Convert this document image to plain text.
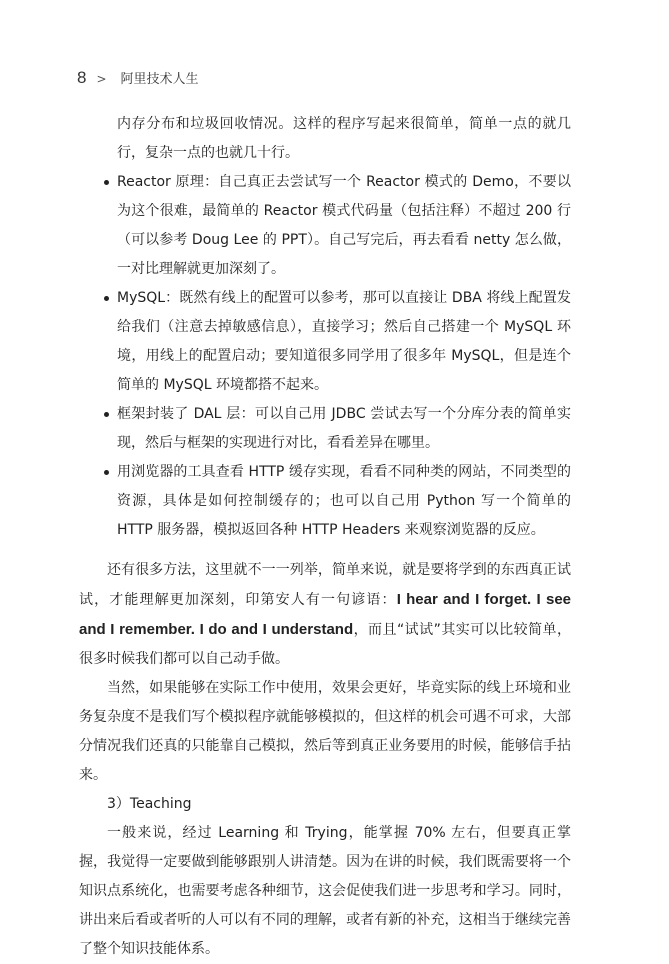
8 > 阿里技术人生

内存分布和垃圾回收情况。这样的程序写起来很简单，简单一点的就几行，复杂一点的也就几十行。

Reactor 原理：自己真正去尝试写一个 Reactor 模式的 Demo，不要以为这个很难，最简单的 Reactor 模式代码量（包括注释）不超过 200 行（可以参考 Doug Lee 的 PPT）。自己写完后，再去看看 netty 怎么做，一对比理解就更加深刻了。
MySQL：既然有线上的配置可以参考，那可以直接让 DBA 将线上配置发给我们（注意去掉敏感信息），直接学习；然后自己搭建一个 MySQL 环境，用线上的配置启动；要知道很多同学用了很多年 MySQL，但是连个简单的 MySQL 环境都搭不起来。
框架封装了 DAL 层：可以自己用 JDBC 尝试去写一个分库分表的简单实现，然后与框架的实现进行对比，看看差异在哪里。
用浏览器的工具查看 HTTP 缓存实现，看看不同种类的网站，不同类型的资源，具体是如何控制缓存的；也可以自己用 Python 写一个简单的 HTTP 服务器，模拟返回各种 HTTP Headers 来观察浏览器的反应。

还有很多方法，这里就不一一列举，简单来说，就是要将学到的东西真正试试，才能理解更加深刻，印第安人有一句谚语：I hear and I forget. I see and I remember. I do and I understand，而且“试试”其实可以比较简单，很多时候我们都可以自己动手做。

当然，如果能够在实际工作中使用，效果会更好，毕竟实际的线上环境和业务复杂度不是我们写个模拟程序就能够模拟的，但这样的机会可遇不可求，大部分情况我们还真的只能靠自己模拟，然后等到真正业务要用的时候，能够信手拈来。

3）Teaching

一般来说，经过 Learning 和 Trying，能掌握 70% 左右，但要真正掌握，我觉得一定要做到能够跟别人讲清楚。因为在讲的时候，我们既需要将一个知识点系统化，也需要考虑各种细节，这会促使我们进一步思考和学习。同时，讲出来后看或者听的人可以有不同的理解，或者有新的补充，这相当于继续完善了整个知识技能体系。
